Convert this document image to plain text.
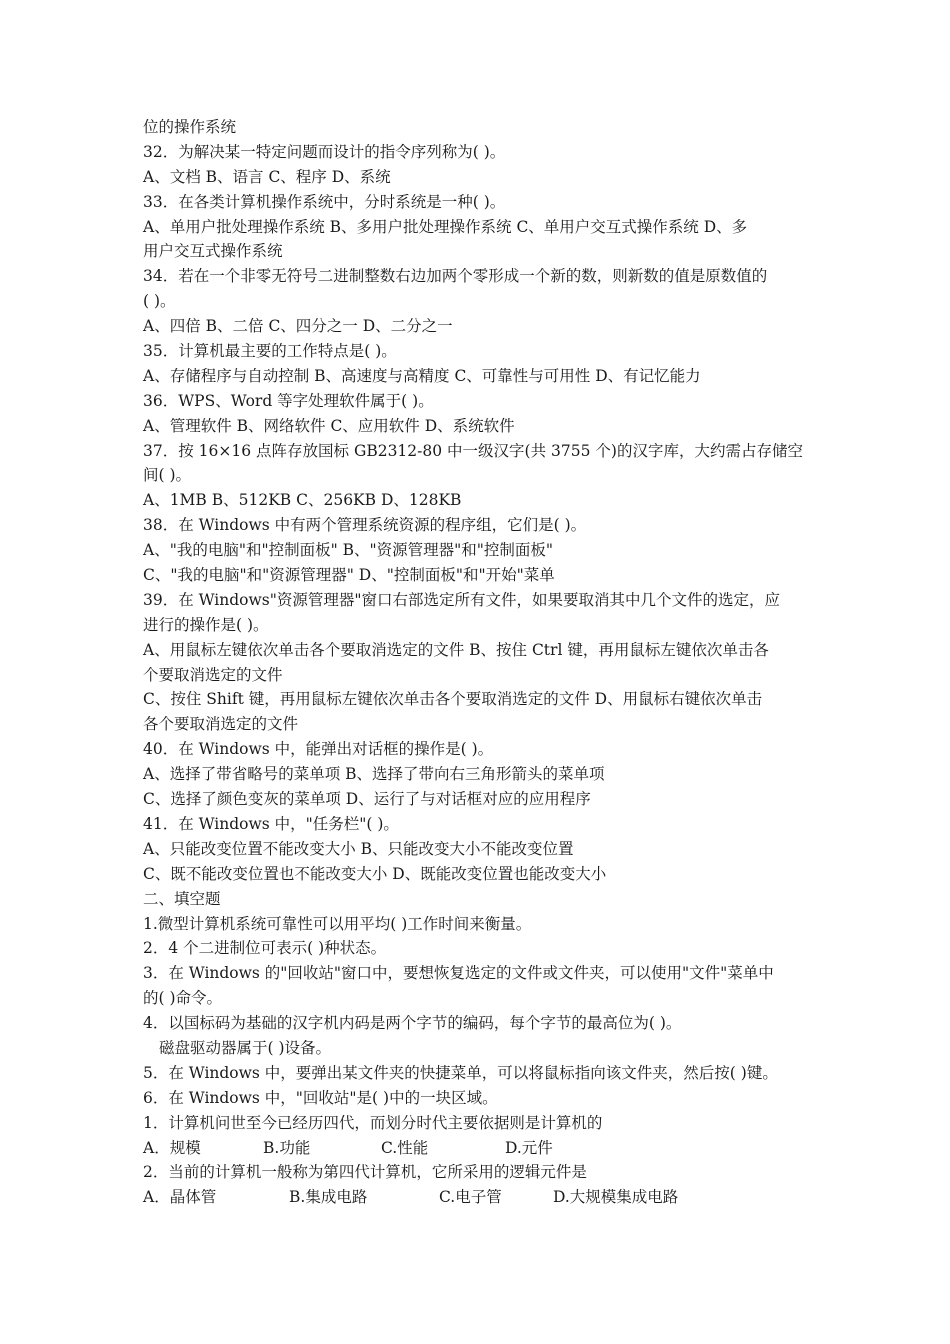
位的操作系统
32．为解决某一特定问题而设计的指令序列称为( )。
A、文档 B、语言 C、程序 D、系统
33．在各类计算机操作系统中，分时系统是一种( )。
A、单用户批处理操作系统 B、多用户批处理操作系统 C、单用户交互式操作系统 D、多
用户交互式操作系统
34．若在一个非零无符号二进制整数右边加两个零形成一个新的数，则新数的值是原数值的
( )。
A、四倍 B、二倍 C、四分之一 D、二分之一
35．计算机最主要的工作特点是( )。
A、存储程序与自动控制 B、高速度与高精度 C、可靠性与可用性 D、有记忆能力
36．WPS、Word 等字处理软件属于( )。
A、管理软件 B、网络软件 C、应用软件 D、系统软件
37．按 16×16 点阵存放国标 GB2312-80 中一级汉字(共 3755 个)的汉字库，大约需占存储空
间( )。
A、1MB B、512KB C、256KB D、128KB
38．在 Windows 中有两个管理系统资源的程序组，它们是( )。
A、"我的电脑"和"控制面板" B、"资源管理器"和"控制面板"
C、"我的电脑"和"资源管理器" D、"控制面板"和"开始"菜单
39．在 Windows"资源管理器"窗口右部选定所有文件，如果要取消其中几个文件的选定，应
进行的操作是( )。
A、用鼠标左键依次单击各个要取消选定的文件 B、按住 Ctrl 键，再用鼠标左键依次单击各
个要取消选定的文件
C、按住 Shift 键，再用鼠标左键依次单击各个要取消选定的文件 D、用鼠标右键依次单击
各个要取消选定的文件
40．在 Windows 中，能弹出对话框的操作是( )。
A、选择了带省略号的菜单项 B、选择了带向右三角形箭头的菜单项
C、选择了颜色变灰的菜单项 D、运行了与对话框对应的应用程序
41．在 Windows 中，"任务栏"( )。
A、只能改变位置不能改变大小 B、只能改变大小不能改变位置
C、既不能改变位置也不能改变大小 D、既能改变位置也能改变大小
二、填空题
1.微型计算机系统可靠性可以用平均( )工作时间来衡量。
2．4 个二进制位可表示( )种状态。
3．在 Windows 的"回收站"窗口中，要想恢复选定的文件或文件夹，可以使用"文件"菜单中
的( )命令。
4．以国标码为基础的汉字机内码是两个字节的编码，每个字节的最高位为( )。
磁盘驱动器属于( )设备。
5．在 Windows 中，要弹出某文件夹的快捷菜单，可以将鼠标指向该文件夹，然后按( )键。
6．在 Windows 中，"回收站"是( )中的一块区域。
1．计算机问世至今已经历四代，而划分时代主要依据则是计算机的
A．规模	B.功能	C.性能	D.元件
2．当前的计算机一般称为第四代计算机，它所采用的逻辑元件是
A．晶体管	B.集成电路	C.电子管	D.大规模集成电路
